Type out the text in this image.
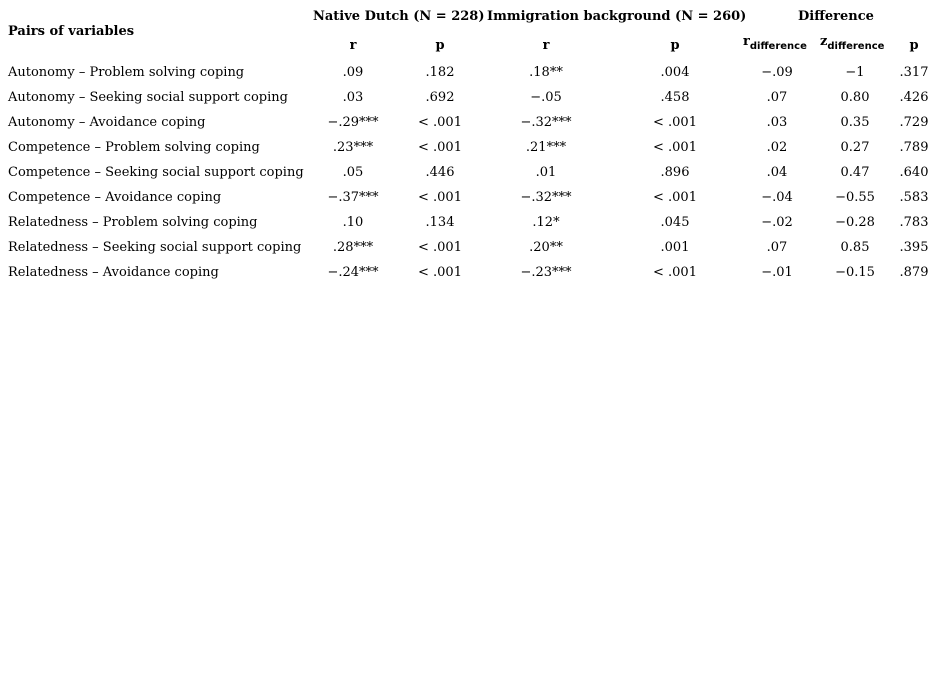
Pairs of variables
Native Dutch (N = 228) Immigration background (N = 260)	Difference
r	p	r	p	$r_{difference}$ $z_{difference}$ p
Autonomy – Problem solving coping	.09	.182	.18**	.004	−.09	−1	.317
Autonomy – Seeking social support coping	.03	.692	−.05	.458	.07	0.80 .426
Autonomy – Avoidance coping	−.29***	< .001	−.32***	< .001	.03	0.35 .729
Competence – Problem solving coping	.23***	< .001	.21***	< .001	.02	0.27 .789
Competence – Seeking social support coping	.05	.446	.01	.896	.04	0.47 .640
Competence – Avoidance coping	−.37***	< .001	−.32***	< .001	−.04	−0.55 .583
Relatedness – Problem solving coping	.10	.134	.12*	.045	−.02	−0.28 .783
Relatedness – Seeking social support coping .28***	< .001	.20**	.001	.07	0.85 .395
Relatedness – Avoidance coping	−.24***	< .001	−.23***	< .001	−.01	−0.15 .879
